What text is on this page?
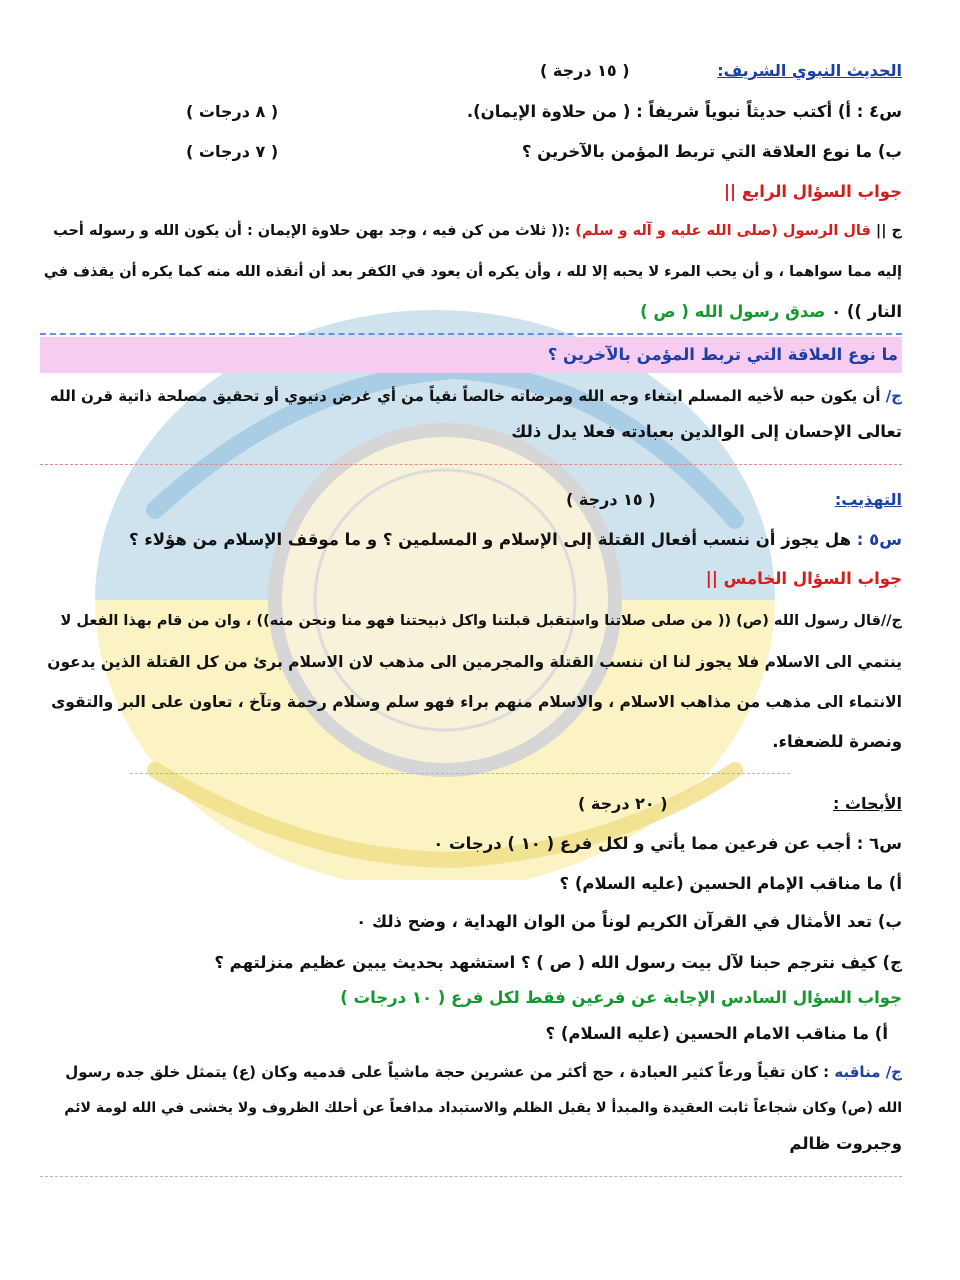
الحديث النبوي الشريف:
( ١٥ درجة )
س٤ : أ) أكتب حديثاً نبوياً شريفاً : ( من حلاوة الإيمان).
( ٨ درجات )
ب) ما نوع العلاقة التي تربط المؤمن بالآخرين ؟
( ٧ درجات )
جواب السؤال الرابع ||
ج || قال الرسول (صلى الله عليه و آله و سلم) :(( ثلاث من كن فيه ، وجد بهن حلاوة الإيمان : أن يكون الله و رسوله أحب
إليه مما سواهما ، و أن يحب المرء لا يحبه إلا لله ، وأن يكره أن يعود في الكفر بعد أن أنقذه الله منه كما يكره أن يقذف في
النار )) ٠ صدق رسول الله ( ص )
ما نوع العلاقة التي تربط المؤمن بالآخرين ؟
ج/ أن يكون حبه لأخيه المسلم ابتغاء وجه الله ومرضاته خالصاً نقياً من أي غرض دنيوي أو تحقيق مصلحة ذاتية قرن الله
تعالى الإحسان إلى الوالدين بعبادته فعلا يدل ذلك
التهذيب:
( ١٥ درجة )
س٥ : هل يجوز أن ننسب أفعال القتلة إلى الإسلام و المسلمين ؟ و ما موقف الإسلام من هؤلاء ؟
جواب السؤال الخامس ||
ج//قال رسول الله (ص) (( من صلى صلاتنا واستقبل قبلتنا واكل ذبيحتنا فهو منا ونحن منه)) ، وان من قام بهذا الفعل لا
ينتمي الى الاسلام فلا يجوز لنا ان ننسب القتلة والمجرمين الى مذهب لان الاسلام برئ من كل القتلة الذين يدعون
الانتماء الى مذهب من مذاهب الاسلام ، والاسلام منهم براء فهو سلم وسلام رحمة وتآخ ، تعاون على البر والتقوى
ونصرة للضعفاء.
الأبحاث :
( ٢٠ درجة )
س٦ : أجب عن فرعين مما يأتي و لكل فرع ( ١٠ ) درجات ٠
أ) ما مناقب الإمام الحسين (عليه السلام) ؟
ب) تعد الأمثال في القرآن الكريم لوناً من الوان الهداية ، وضح ذلك ٠
ج) كيف نترجم حبنا لآل بيت رسول الله ( ص ) ؟ استشهد بحديث يبين عظيم منزلتهم ؟
جواب السؤال السادس الإجابة عن فرعين فقط لكل فرع ( ١٠ درجات )
أ) ما مناقب الامام الحسين (عليه السلام) ؟
ج/ مناقبه : كان تقياً ورعاً كثير العبادة ، حج أكثر من عشرين حجة ماشياً على قدميه وكان (ع) يتمثل خلق جده رسول
الله (ص) وكان شجاعاً ثابت العقيدة والمبدأ لا يقبل الظلم والاستبداد مدافعاً عن أحلك الظروف ولا يخشى في الله لومة لائم
وجبروت ظالم
